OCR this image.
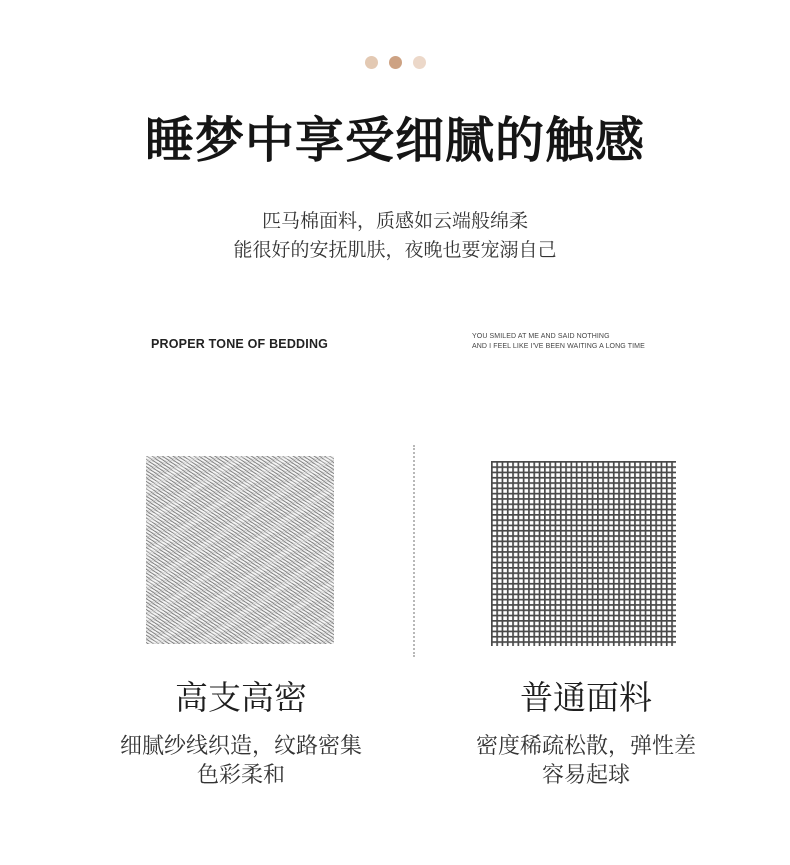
睡梦中享受细腻的触感
匹马棉面料，质感如云端般绵柔
能很好的安抚肌肤，夜晚也要宠溺自己
PROPER TONE OF BEDDING
YOU SMILED AT ME AND SAID NOTHING
AND I FEEL LIKE I'VE BEEN WAITING A LONG TIME
高支高密
细腻纱线织造，纹路密集
色彩柔和
普通面料
密度稀疏松散，弹性差
容易起球
